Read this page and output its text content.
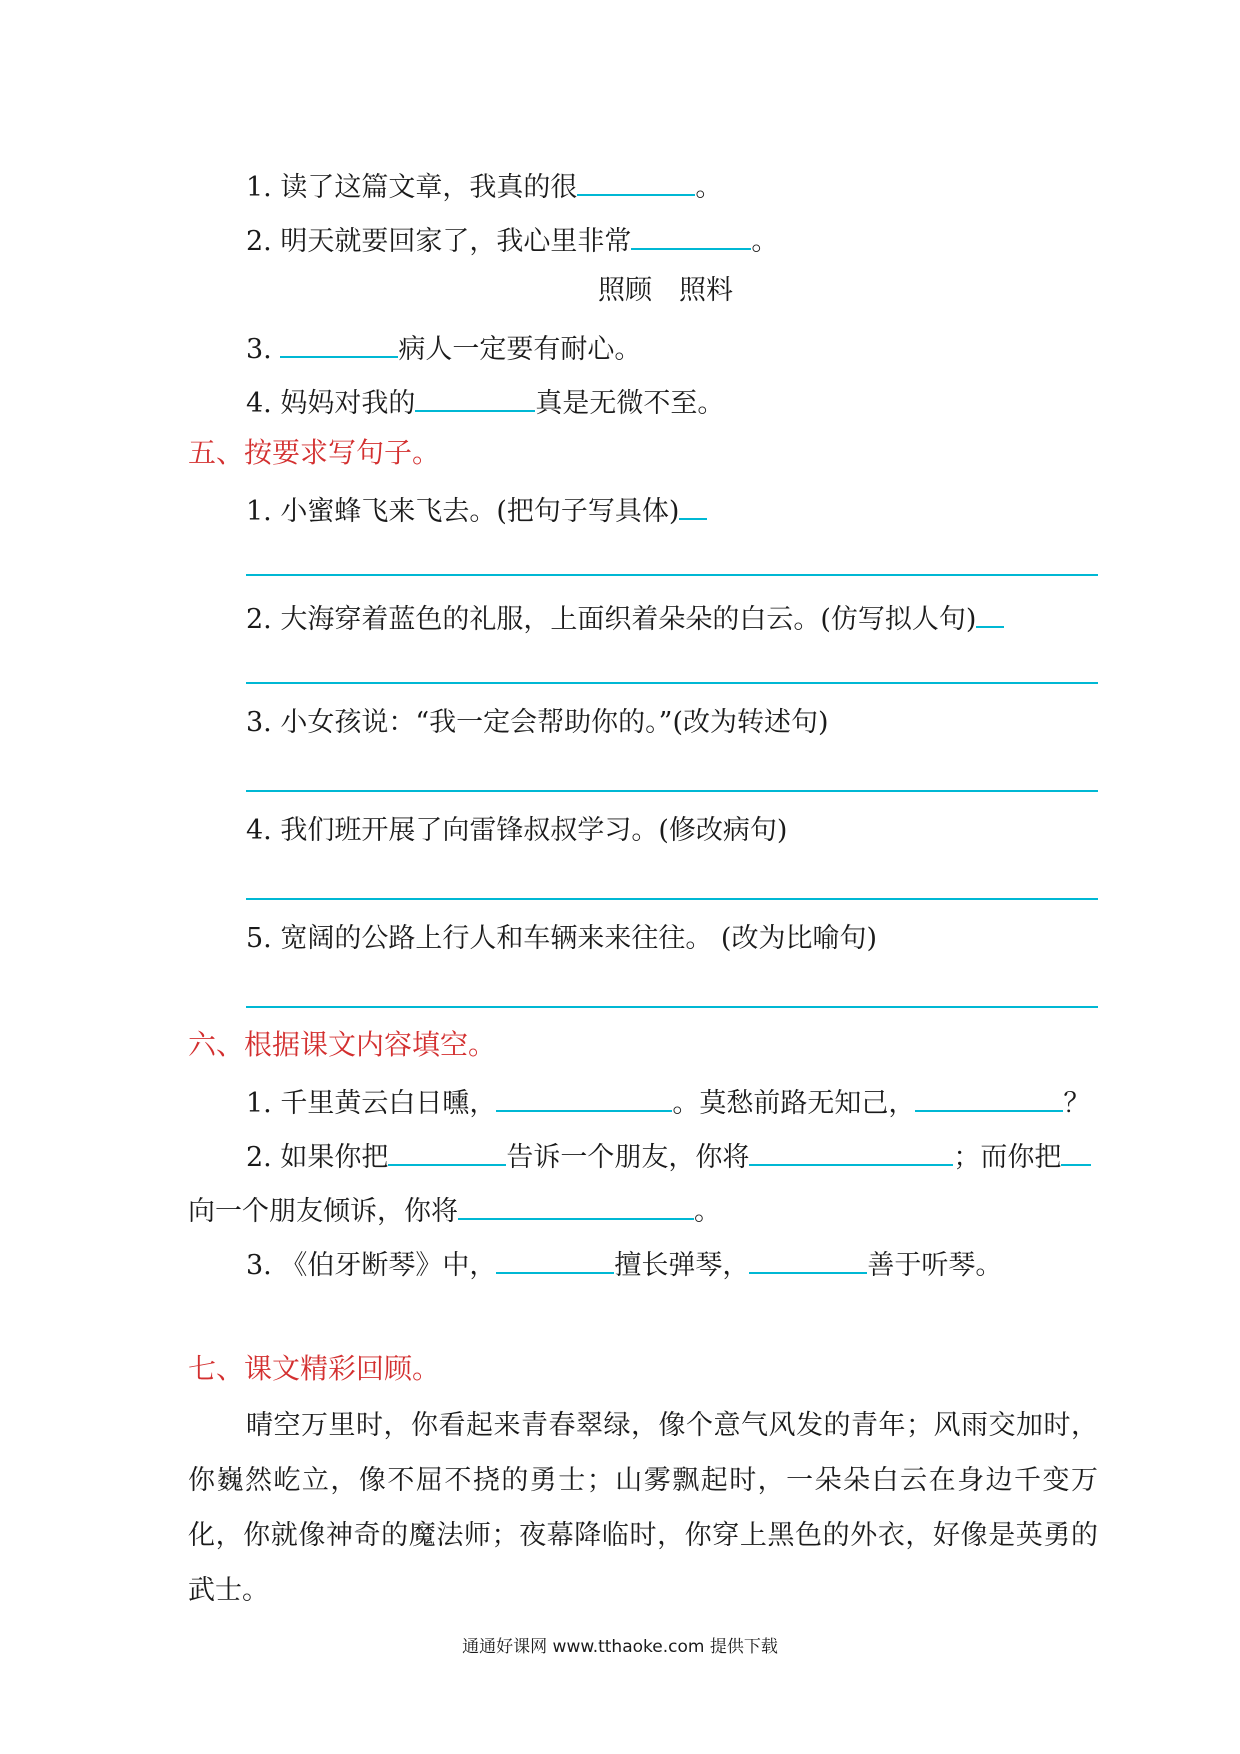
1. 读了这篇文章，我真的很	。
2. 明天就要回家了，我心里非常	。
照顾　照料
3.	病人一定要有耐心。
4. 妈妈对我的	真是无微不至。
五、按要求写句子。
1. 小蜜蜂飞来飞去。(把句子写具体)
2. 大海穿着蓝色的礼服，上面织着朵朵的白云。(仿写拟人句)
3. 小女孩说：“我一定会帮助你的。”(改为转述句)
4. 我们班开展了向雷锋叔叔学习。(修改病句)
5. 宽阔的公路上行人和车辆来来往往。 (改为比喻句)
六、根据课文内容填空。
1. 千里黄云白日曛，	。莫愁前路无知己，	？
2. 如果你把	告诉一个朋友，你将	；而你把
向一个朋友倾诉，你将	。
3. 《伯牙断琴》中，	擅长弹琴，	善于听琴。
七、课文精彩回顾。

晴空万里时，你看起来青春翠绿，像个意气风发的青年；风雨交加时，你巍然屹立，像不屈不挠的勇士；山雾飘起时，一朵朵白云在身边千变万化，你就像神奇的魔法师；夜幕降临时，你穿上黑色的外衣，好像是英勇的武士。

通通好课网 www.tthaoke.com 提供下载
